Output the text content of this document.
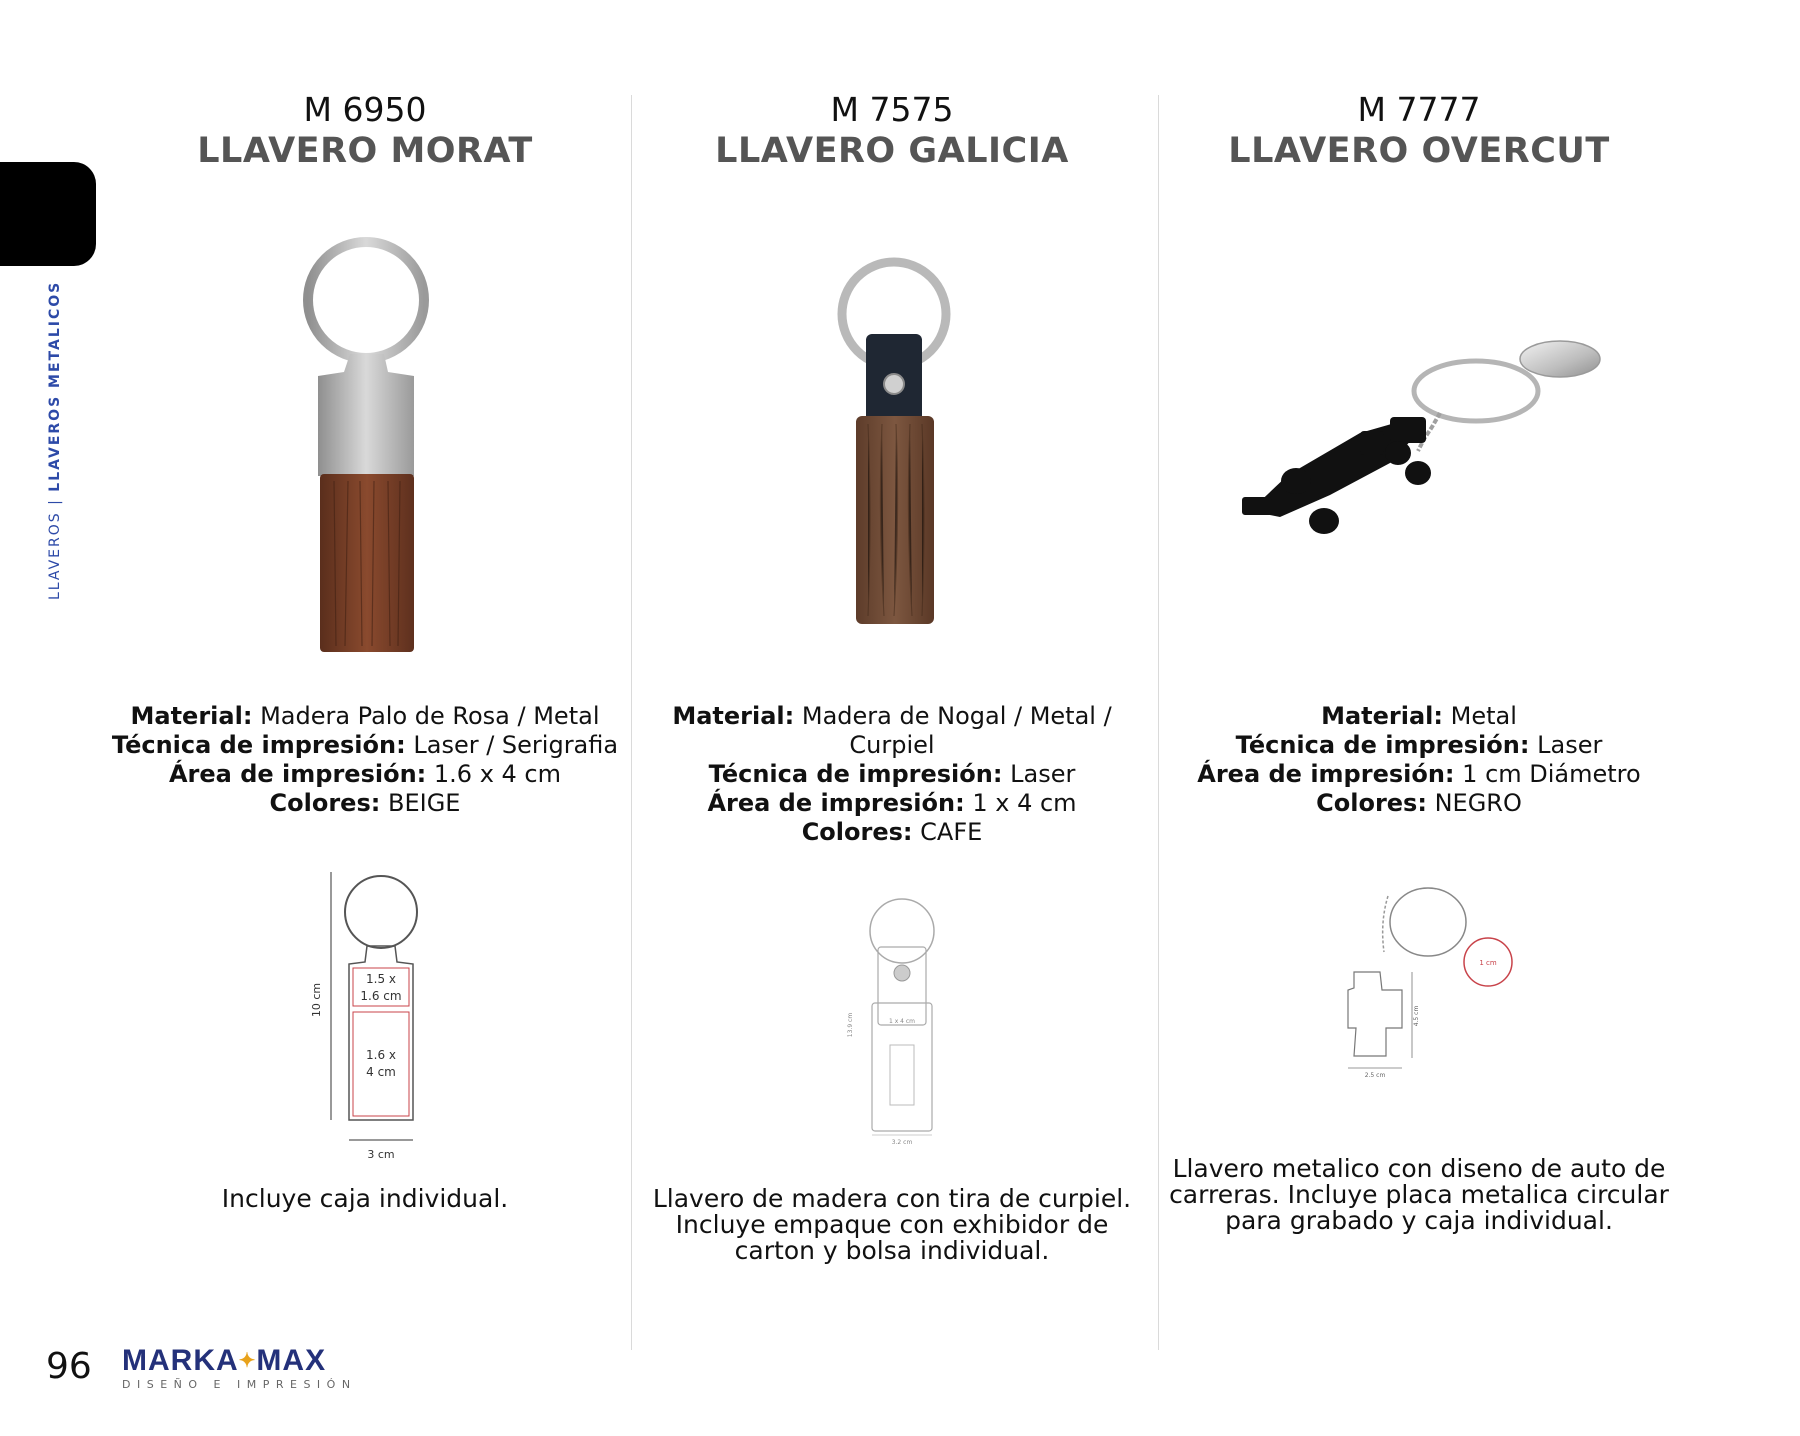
LLAVEROS | LLAVEROS METALICOS
M 6950
LLAVERO MORAT
Material: Madera Palo de Rosa / Metal
Técnica de impresión: Laser / Serigrafia
Área de impresión: 1.6 x 4 cm
Colores: BEIGE
10 cm
1.5 x
1.6 cm
1.6 x
4 cm
3 cm
Incluye caja individual.
M 7575
LLAVERO GALICIA
Material: Madera de Nogal / Metal / Curpiel
Técnica de impresión: Laser
Área de impresión: 1 x 4 cm
Colores: CAFE
1 x 4 cm
13.9 cm
3.2 cm
Llavero de madera con tira de curpiel. Incluye empaque con exhibidor de carton y bolsa individual.
M 7777
LLAVERO OVERCUT
Material: Metal
Técnica de impresión: Laser
Área de impresión: 1 cm Diámetro
Colores: NEGRO
1 cm
4.5 cm
2.5 cm
Llavero metalico con diseno de auto de carreras. Incluye placa metalica circular para grabado y caja individual.
96 MARKA✦MAX
DISEÑO E IMPRESIÓN
